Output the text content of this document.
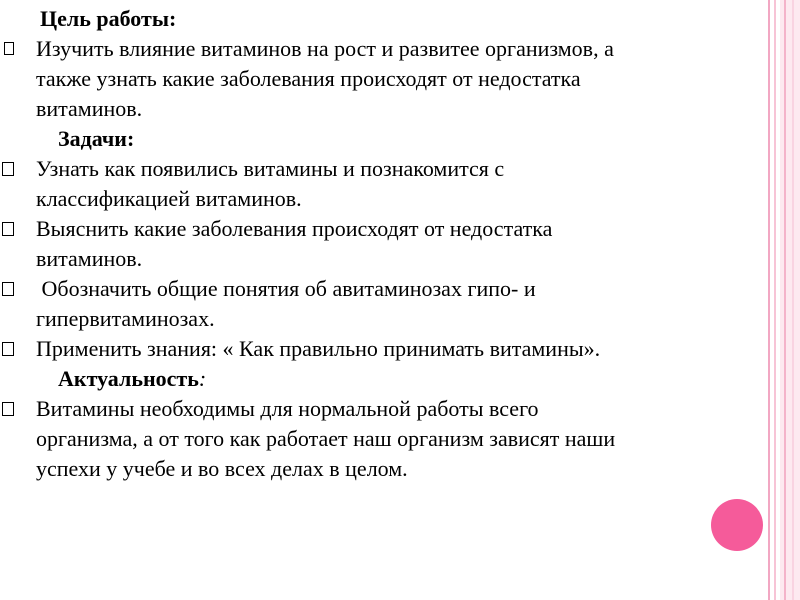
Цель работы:
Изучить влияние витаминов на рост и развитее организмов, а
также узнать какие заболевания происходят от недостатка
витаминов.
Задачи:
Узнать как появились витамины и познакомится с
классификацией витаминов.
Выяснить какие заболевания происходят от недостатка
витаминов.
Обозначить общие понятия об авитаминозах гипо- и
гипервитаминозах.
Применить знания: « Как правильно принимать витамины».
Актуальность:
Витамины необходимы для нормальной работы всего
организма, а от того как работает наш организм зависят наши
успехи у учебе и во всех делах в целом.
